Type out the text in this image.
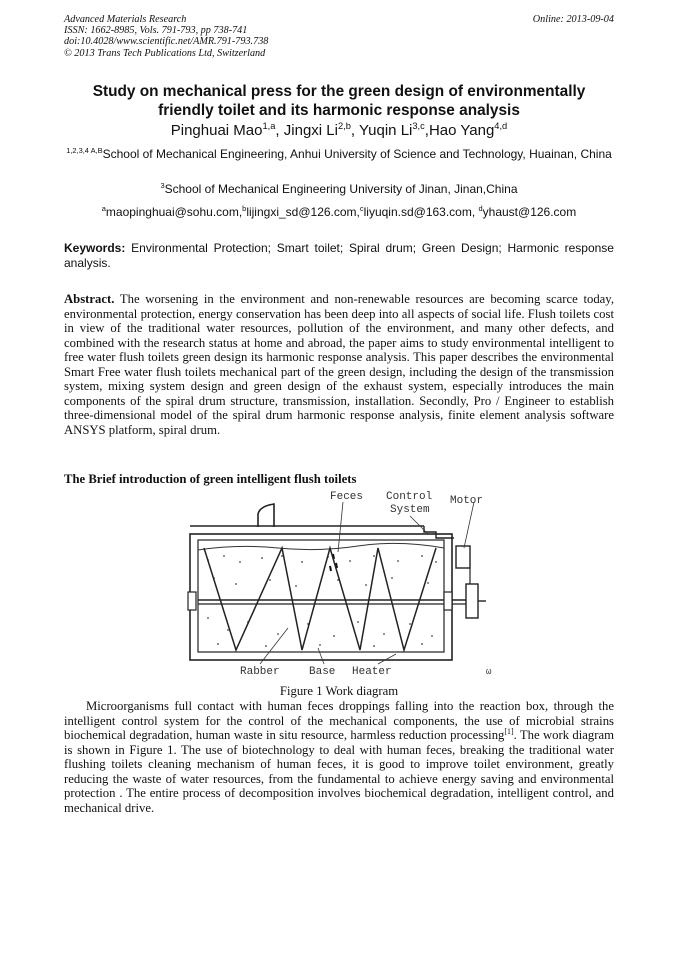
Advanced Materials Research
ISSN: 1662-8985, Vols. 791-793, pp 738-741
doi:10.4028/www.scientific.net/AMR.791-793.738
© 2013 Trans Tech Publications Ltd, Switzerland
Online: 2013-09-04
Study on mechanical press for the green design of environmentally friendly toilet and its harmonic response analysis
Pinghuai Mao$^{1,a}$, Jingxi Li$^{2,b}$, Yuqin Li$^{3,c}$,Hao Yang$^{4,d}$
$^{1,2,3,4 A,B}$School of Mechanical Engineering, Anhui University of Science and Technology, Huainan, China
$^3$School of Mechanical Engineering University of Jinan, Jinan,China
$^a$maopinghuai@sohu.com,$^b$lijingxi_sd@126.com,$^c$liyuqin.sd@163.com, $^d$yhaust@126.com
Keywords: Environmental Protection; Smart toilet; Spiral drum; Green Design; Harmonic response analysis.
Abstract. The worsening in the environment and non-renewable resources are becoming scarce today, environmental protection, energy conservation has been deep into all aspects of social life. Flush toilets cost in view of the traditional water resources, pollution of the environment, and many other defects, and combined with the research status at home and abroad, the paper aims to study environmental intelligent to free water flush toilets green design its harmonic response analysis. This paper describes the environmental Smart Free water flush toilets mechanical part of the green design, including the design of the transmission system, mixing system design and green design of the exhaust system, especially introduces the main components of the spiral drum structure, transmission, installation. Secondly, Pro / Engineer to establish three-dimensional model of the spiral drum harmonic response analysis, finite element analysis software ANSYS platform, spiral drum.
The Brief introduction of green intelligent flush toilets
Feces Control
System
Motor
Rabber	Base Heater	ω
Figure 1 Work diagram
Microorganisms full contact with human feces droppings falling into the reaction box, through the intelligent control system for the control of the mechanical components, the use of microbial strains biochemical degradation, human waste in situ resource, harmless reduction processing[1]. The work diagram is shown in Figure 1. The use of biotechnology to deal with human feces, breaking the traditional water flushing toilets cleaning mechanism of human feces, it is good to improve toilet environment, greatly reducing the waste of water resources, from the fundamental to achieve energy saving and environmental protection . The entire process of decomposition involves biochemical degradation, intelligent control, and mechanical drive.
